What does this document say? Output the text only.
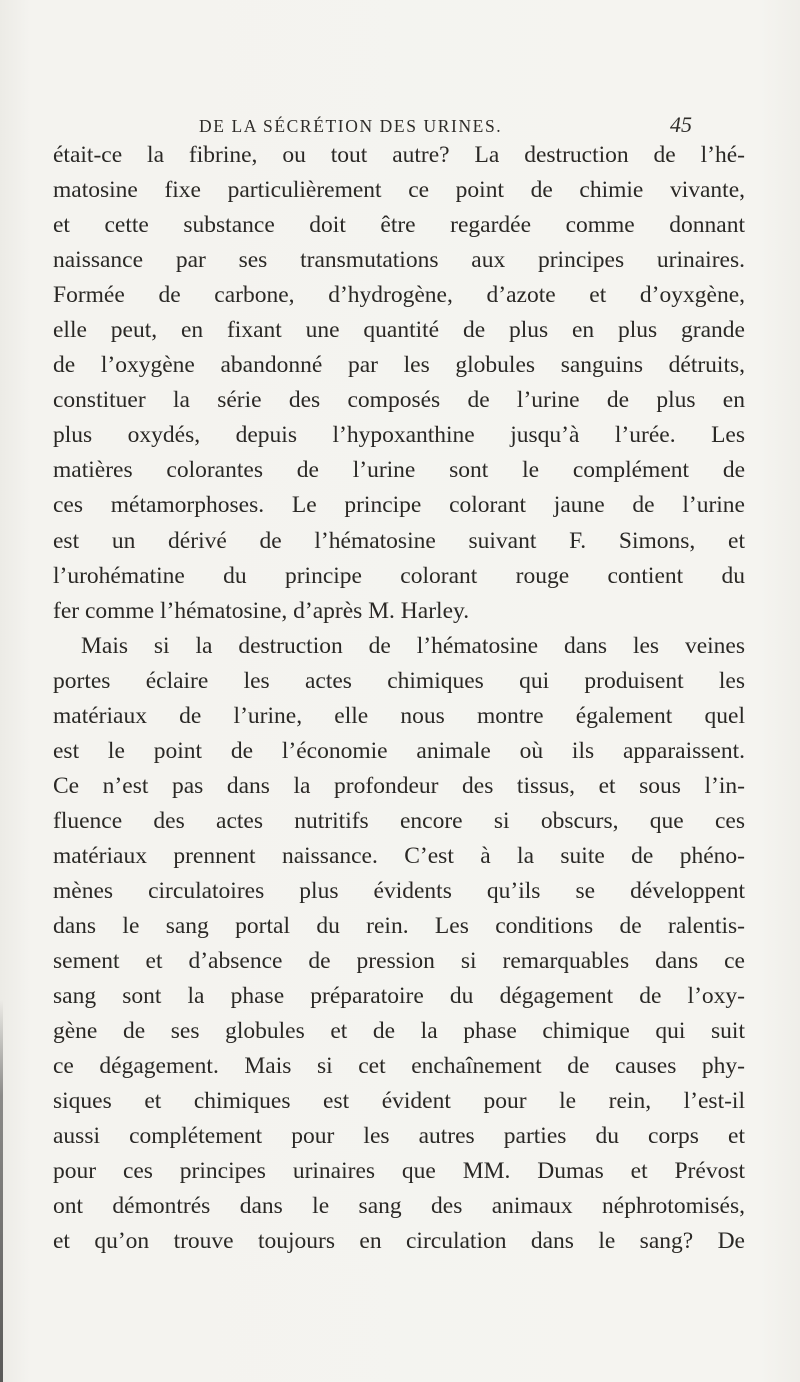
DE LA SÉCRÉTION DES URINES.	45
était-ce la fibrine, ou tout autre? La destruction de l’hé-
matosine fixe particulièrement ce point de chimie vivante,
et cette substance doit être regardée comme donnant
naissance par ses transmutations aux principes urinaires.
Formée de carbone, d’hydrogène, d’azote et d’oyxgène,
elle peut, en fixant une quantité de plus en plus grande
de l’oxygène abandonné par les globules sanguins détruits,
constituer la série des composés de l’urine de plus en
plus oxydés, depuis l’hypoxanthine jusqu’à l’urée. Les
matières colorantes de l’urine sont le complément de
ces métamorphoses. Le principe colorant jaune de l’urine
est un dérivé de l’hématosine suivant F. Simons, et
l’urohématine du principe colorant rouge contient du
fer comme l’hématosine, d’après M. Harley.
Mais si la destruction de l’hématosine dans les veines
portes éclaire les actes chimiques qui produisent les
matériaux de l’urine, elle nous montre également quel
est le point de l’économie animale où ils apparaissent.
Ce n’est pas dans la profondeur des tissus, et sous l’in-
fluence des actes nutritifs encore si obscurs, que ces
matériaux prennent naissance. C’est à la suite de phéno-
mènes circulatoires plus évidents qu’ils se développent
dans le sang portal du rein. Les conditions de ralentis-
sement et d’absence de pression si remarquables dans ce
sang sont la phase préparatoire du dégagement de l’oxy-
gène de ses globules et de la phase chimique qui suit
ce dégagement. Mais si cet enchaînement de causes phy-
siques et chimiques est évident pour le rein, l’est-il
aussi complétement pour les autres parties du corps et
pour ces principes urinaires que MM. Dumas et Prévost
ont démontrés dans le sang des animaux néphrotomisés,
et qu’on trouve toujours en circulation dans le sang? De
